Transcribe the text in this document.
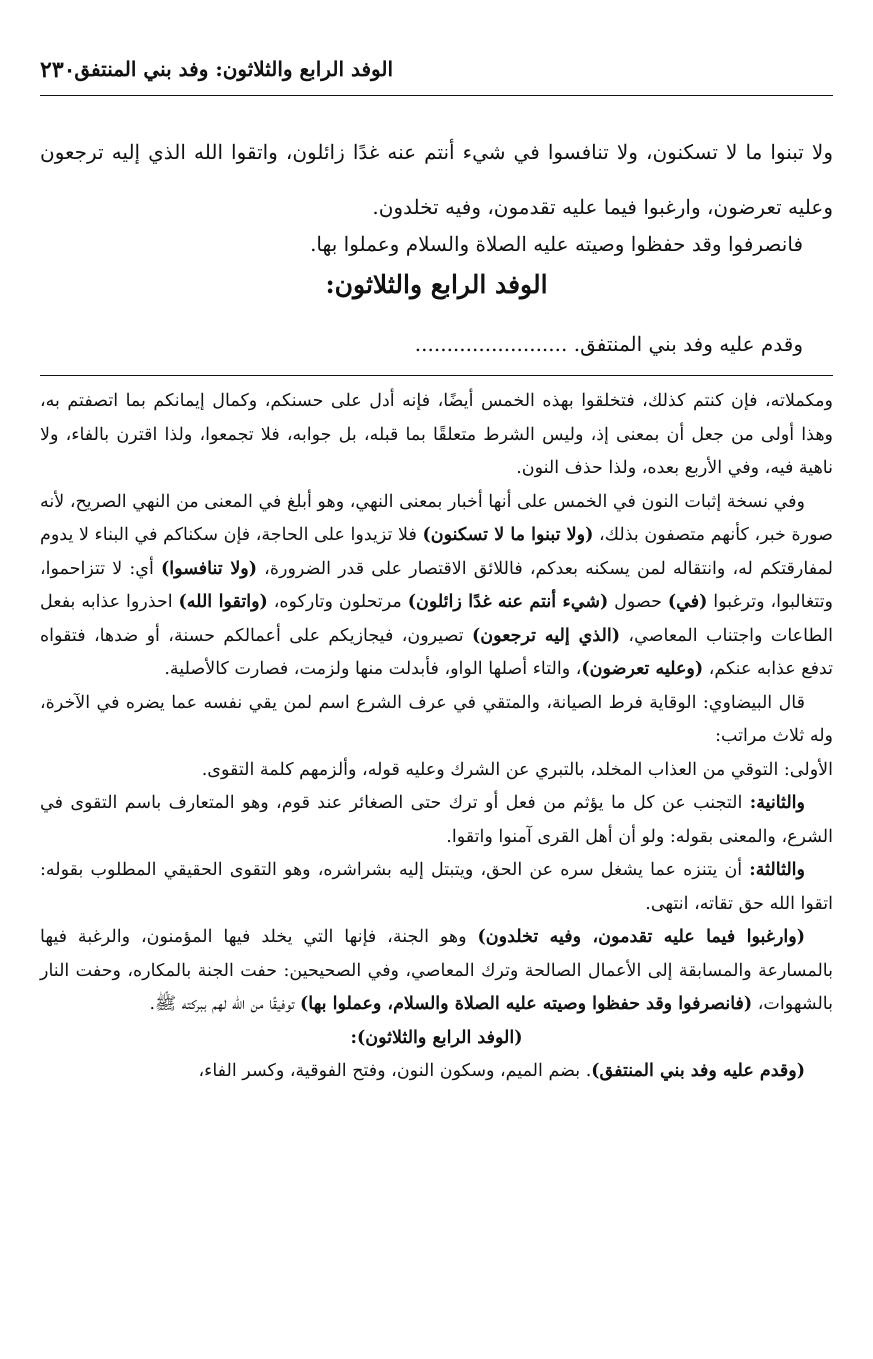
الوفد الرابع والثلاثون: وفد بني المنتفق
٢٣٠
ولا تبنوا ما لا تسكنون، ولا تنافسوا في شيء أنتم عنه غدًا زائلون، واتقوا الله الذي إليه ترجعون وعليه تعرضون، وارغبوا فيما عليه تقدمون، وفيه تخلدون.
فانصرفوا وقد حفظوا وصيته عليه الصلاة والسلام وعملوا بها.
الوفد الرابع والثلاثون:
وقدم عليه وفد بني المنتفق. ........................

ومكملاته، فإن كنتم كذلك، فتخلقوا بهذه الخمس أيضًا، فإنه أدل على حسنكم، وكمال إيمانكم بما اتصفتم به، وهذا أولى من جعل أن بمعنى إذ، وليس الشرط متعلقًا بما قبله، بل جوابه، فلا تجمعوا، ولذا اقترن بالفاء، ولا ناهية فيه، وفي الأربع بعده، ولذا حذف النون.

وفي نسخة إثبات النون في الخمس على أنها أخبار بمعنى النهي، وهو أبلغ في المعنى من النهي الصريح، لأنه صورة خبر، كأنهم متصفون بذلك، (ولا تبنوا ما لا تسكنون) فلا تزيدوا على الحاجة، فإن سكناكم في البناء لا يدوم لمفارقتكم له، وانتقاله لمن يسكنه بعدكم، فاللائق الاقتصار على قدر الضرورة، (ولا تنافسوا) أي: لا تتزاحموا، وتتغالبوا، وترغبوا (في) حصول (شيء أنتم عنه غدًا زائلون) مرتحلون وتاركوه، (واتقوا الله) احذروا عذابه بفعل الطاعات واجتناب المعاصي، (الذي إليه ترجعون) تصيرون، فيجازيكم على أعمالكم حسنة، أو ضدها، فتقواه تدفع عذابه عنكم، (وعليه تعرضون)، والتاء أصلها الواو، فأبدلت منها ولزمت، فصارت كالأصلية.

قال البيضاوي: الوقاية فرط الصيانة، والمتقي في عرف الشرع اسم لمن يقي نفسه عما يضره في الآخرة، وله ثلاث مراتب:

الأولى: التوقي من العذاب المخلد، بالتبري عن الشرك وعليه قوله، وألزمهم كلمة التقوى.

والثانية: التجنب عن كل ما يؤثم من فعل أو ترك حتى الصغائر عند قوم، وهو المتعارف باسم التقوى في الشرع، والمعنى بقوله: ولو أن أهل القرى آمنوا واتقوا.

والثالثة: أن يتنزه عما يشغل سره عن الحق، ويتبتل إليه بشراشره، وهو التقوى الحقيقي المطلوب بقوله: اتقوا الله حق تقاته، انتهى.

(وارغبوا فيما عليه تقدمون، وفيه تخلدون) وهو الجنة، فإنها التي يخلد فيها المؤمنون، والرغبة فيها بالمسارعة والمسابقة إلى الأعمال الصالحة وترك المعاصي، وفي الصحيحين: حفت الجنة بالمكاره، وحفت النار بالشهوات، (فانصرفوا وقد حفظوا وصيته عليه الصلاة والسلام، وعملوا بها) توفيقًا من الله لهم ببركته ﷺ.

(الوفد الرابع والثلاثون):

(وقدم عليه وفد بني المنتفق). بضم الميم، وسكون النون، وفتح الفوقية، وكسر الفاء،
